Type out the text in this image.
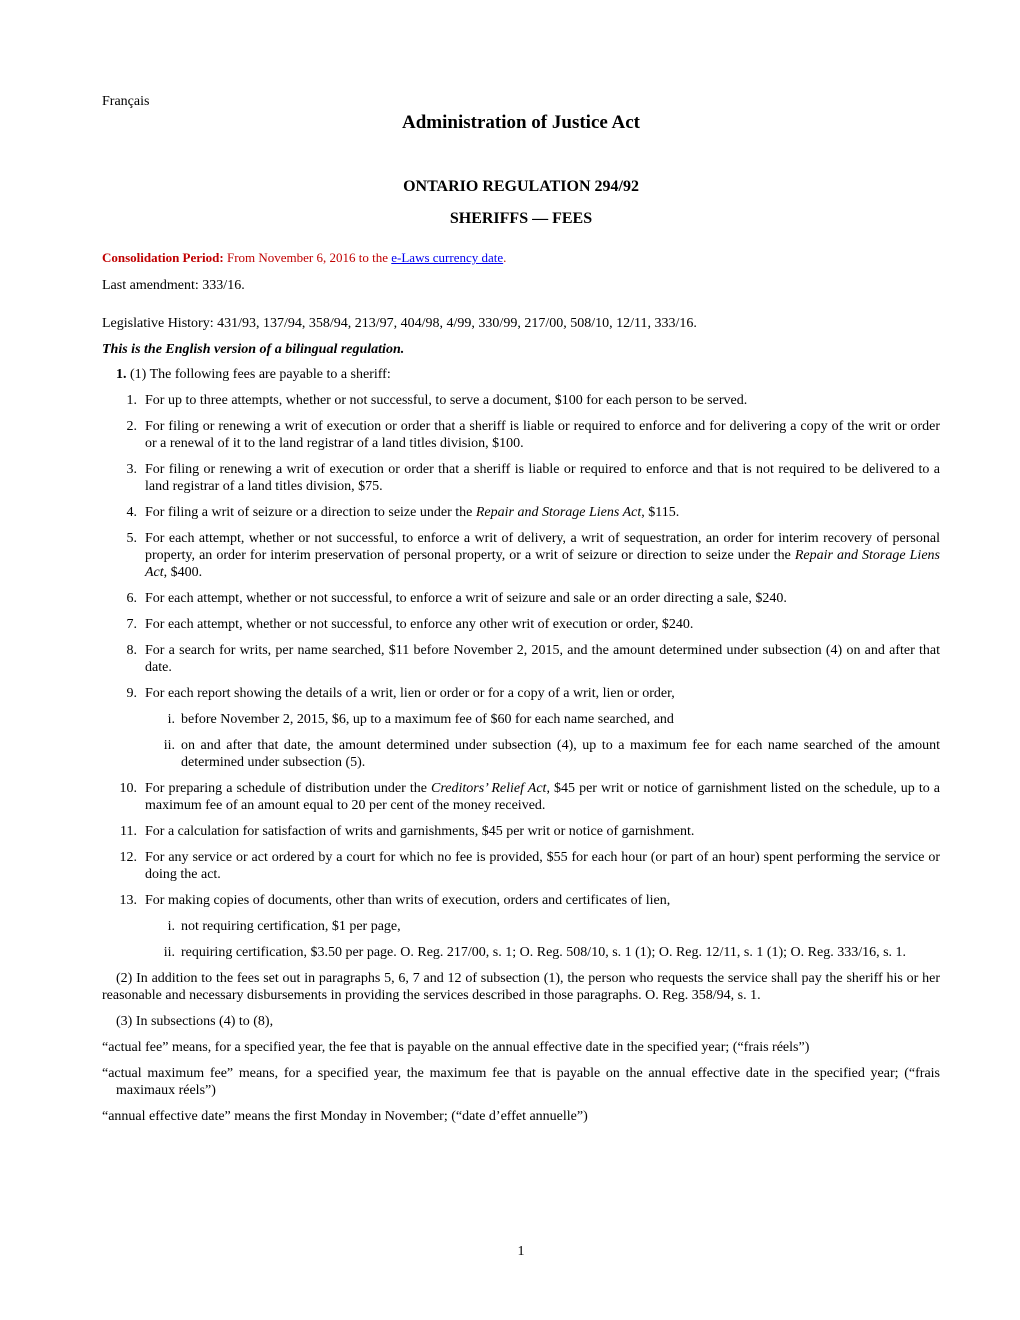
Français
Administration of Justice Act
ONTARIO REGULATION 294/92
SHERIFFS — FEES
Consolidation Period: From November 6, 2016 to the e-Laws currency date.
Last amendment: 333/16.
Legislative History: 431/93, 137/94, 358/94, 213/97, 404/98, 4/99, 330/99, 217/00, 508/10, 12/11, 333/16.
This is the English version of a bilingual regulation.
1. (1) The following fees are payable to a sheriff:
1. For up to three attempts, whether or not successful, to serve a document, $100 for each person to be served.
2. For filing or renewing a writ of execution or order that a sheriff is liable or required to enforce and for delivering a copy of the writ or order or a renewal of it to the land registrar of a land titles division, $100.
3. For filing or renewing a writ of execution or order that a sheriff is liable or required to enforce and that is not required to be delivered to a land registrar of a land titles division, $75.
4. For filing a writ of seizure or a direction to seize under the Repair and Storage Liens Act, $115.
5. For each attempt, whether or not successful, to enforce a writ of delivery, a writ of sequestration, an order for interim recovery of personal property, an order for interim preservation of personal property, or a writ of seizure or direction to seize under the Repair and Storage Liens Act, $400.
6. For each attempt, whether or not successful, to enforce a writ of seizure and sale or an order directing a sale, $240.
7. For each attempt, whether or not successful, to enforce any other writ of execution or order, $240.
8. For a search for writs, per name searched, $11 before November 2, 2015, and the amount determined under subsection (4) on and after that date.
9. For each report showing the details of a writ, lien or order or for a copy of a writ, lien or order,
i. before November 2, 2015, $6, up to a maximum fee of $60 for each name searched, and
ii. on and after that date, the amount determined under subsection (4), up to a maximum fee for each name searched of the amount determined under subsection (5).
10. For preparing a schedule of distribution under the Creditors’ Relief Act, $45 per writ or notice of garnishment listed on the schedule, up to a maximum fee of an amount equal to 20 per cent of the money received.
11. For a calculation for satisfaction of writs and garnishments, $45 per writ or notice of garnishment.
12. For any service or act ordered by a court for which no fee is provided, $55 for each hour (or part of an hour) spent performing the service or doing the act.
13. For making copies of documents, other than writs of execution, orders and certificates of lien,
i. not requiring certification, $1 per page,
ii. requiring certification, $3.50 per page. O. Reg. 217/00, s. 1; O. Reg. 508/10, s. 1 (1); O. Reg. 12/11, s. 1 (1); O. Reg. 333/16, s. 1.
(2) In addition to the fees set out in paragraphs 5, 6, 7 and 12 of subsection (1), the person who requests the service shall pay the sheriff his or her reasonable and necessary disbursements in providing the services described in those paragraphs. O. Reg. 358/94, s. 1.
(3) In subsections (4) to (8),
“actual fee” means, for a specified year, the fee that is payable on the annual effective date in the specified year; (“frais réels”)
“actual maximum fee” means, for a specified year, the maximum fee that is payable on the annual effective date in the specified year; (“frais maximaux réels”)
“annual effective date” means the first Monday in November; (“date d’effet annuelle”)
1
